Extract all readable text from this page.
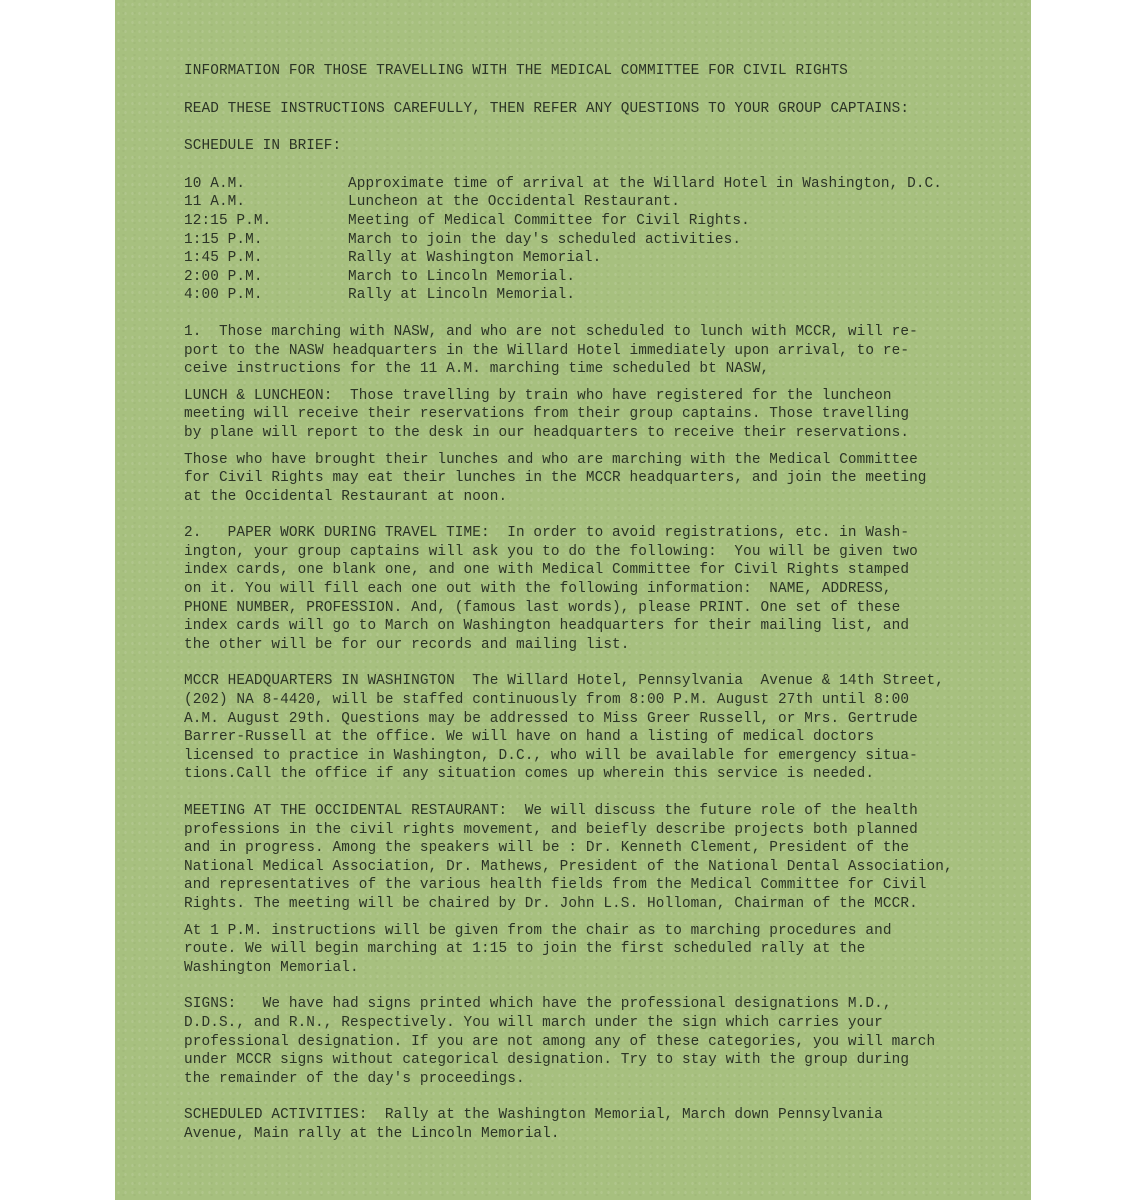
INFORMATION FOR THOSE TRAVELLING WITH THE MEDICAL COMMITTEE FOR CIVIL RIGHTS

READ THESE INSTRUCTIONS CAREFULLY, THEN REFER ANY QUESTIONS TO YOUR GROUP CAPTAINS:

SCHEDULE IN BRIEF:

10 A.M.	Approximate time of arrival at the Willard Hotel in Washington, D.C.
11 A.M.	Luncheon at the Occidental Restaurant.
12:15 P.M.	Meeting of Medical Committee for Civil Rights.
1:15 P.M.	March to join the day's scheduled activities.
1:45 P.M.	Rally at Washington Memorial.
2:00 P.M.	March to Lincoln Memorial.
4:00 P.M.	Rally at Lincoln Memorial.

1.  Those marching with NASW, and who are not scheduled to lunch with MCCR, will re-
port to the NASW headquarters in the Willard Hotel immediately upon arrival, to re-
ceive instructions for the 11 A.M. marching time scheduled bt NASW,

LUNCH & LUNCHEON:  Those travelling by train who have registered for the luncheon
meeting will receive their reservations from their group captains. Those travelling
by plane will report to the desk in our headquarters to receive their reservations.

Those who have brought their lunches and who are marching with the Medical Committee
for Civil Rights may eat their lunches in the MCCR headquarters, and join the meeting
at the Occidental Restaurant at noon.

2.   PAPER WORK DURING TRAVEL TIME:  In order to avoid registrations, etc. in Wash-
ington, your group captains will ask you to do the following:  You will be given two
index cards, one blank one, and one with Medical Committee for Civil Rights stamped
on it. You will fill each one out with the following information:  NAME, ADDRESS,
PHONE NUMBER, PROFESSION. And, (famous last words), please PRINT. One set of these
index cards will go to March on Washington headquarters for their mailing list, and
the other will be for our records and mailing list.

MCCR HEADQUARTERS IN WASHINGTON  The Willard Hotel, Pennsylvania  Avenue & 14th Street,
(202) NA 8-4420, will be staffed continuously from 8:00 P.M. August 27th until 8:00
A.M. August 29th. Questions may be addressed to Miss Greer Russell, or Mrs. Gertrude
Barrer-Russell at the office. We will have on hand a listing of medical doctors
licensed to practice in Washington, D.C., who will be available for emergency situa-
tions.Call the office if any situation comes up wherein this service is needed.

MEETING AT THE OCCIDENTAL RESTAURANT:  We will discuss the future role of the health
professions in the civil rights movement, and beiefly describe projects both planned
and in progress. Among the speakers will be : Dr. Kenneth Clement, President of the
National Medical Association, Dr. Mathews, President of the National Dental Association,
and representatives of the various health fields from the Medical Committee for Civil
Rights. The meeting will be chaired by Dr. John L.S. Holloman, Chairman of the MCCR.

At 1 P.M. instructions will be given from the chair as to marching procedures and
route. We will begin marching at 1:15 to join the first scheduled rally at the
Washington Memorial.

SIGNS:   We have had signs printed which have the professional designations M.D.,
D.D.S., and R.N., Respectively. You will march under the sign which carries your
professional designation. If you are not among any of these categories, you will march
under MCCR signs without categorical designation. Try to stay with the group during
the remainder of the day's proceedings.

SCHEDULED ACTIVITIES:  Rally at the Washington Memorial, March down Pennsylvania
Avenue, Main rally at the Lincoln Memorial.
